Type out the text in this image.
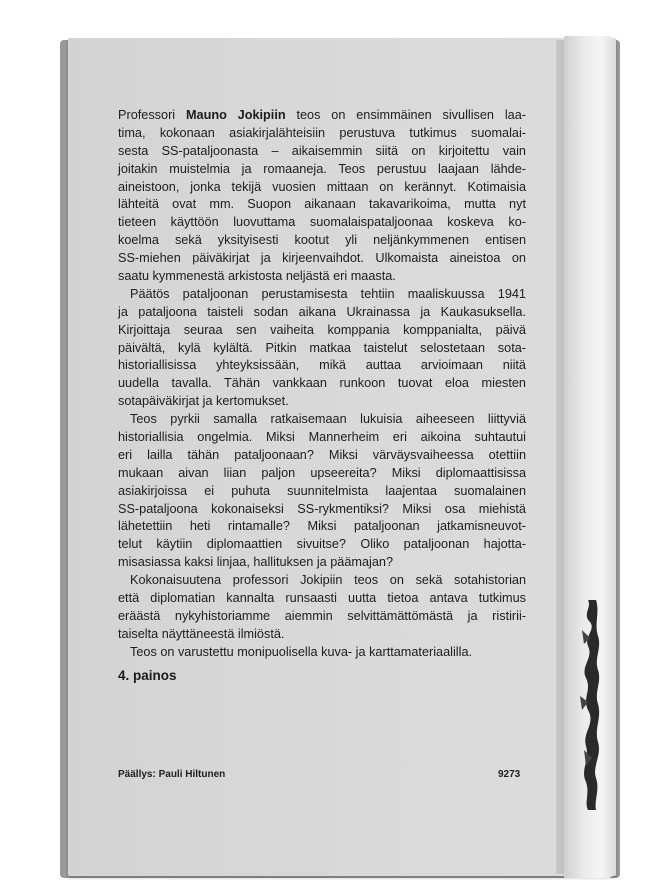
Professori Mauno Jokipiin teos on ensimmäinen sivullisen laa-
tima, kokonaan asiakirjalähteisiin perustuva tutkimus suomalai-
sesta SS-pataljoonasta – aikaisemmin siitä on kirjoitettu vain
joitakin muistelmia ja romaaneja. Teos perustuu laajaan lähde-
aineistoon, jonka tekijä vuosien mittaan on kerännyt. Kotimaisia
lähteitä ovat mm. Suopon aikanaan takavarikoima, mutta nyt
tieteen käyttöön luovuttama suomalaispataljoonaa koskeva ko-
koelma sekä yksityisesti kootut yli neljänkymmenen entisen
SS-miehen päiväkirjat ja kirjeenvaihdot. Ulkomaista aineistoa on
saatu kymmenestä arkistosta neljästä eri maasta.
Päätös pataljoonan perustamisesta tehtiin maaliskuussa 1941
ja pataljoona taisteli sodan aikana Ukrainassa ja Kaukasuksella.
Kirjoittaja seuraa sen vaiheita komppania komppanialta, päivä
päivältä, kylä kylältä. Pitkin matkaa taistelut selostetaan sota-
historiallisissa yhteyksissään, mikä auttaa arvioimaan niitä
uudella tavalla. Tähän vankkaan runkoon tuovat eloa miesten
sotapäiväkirjat ja kertomukset.
Teos pyrkii samalla ratkaisemaan lukuisia aiheeseen liittyviä
historiallisia ongelmia. Miksi Mannerheim eri aikoina suhtautui
eri lailla tähän pataljoonaan? Miksi värväysvaiheessa otettiin
mukaan aivan liian paljon upseereita? Miksi diplomaattisissa
asiakirjoissa ei puhuta suunnitelmista laajentaa suomalainen
SS-pataljoona kokonaiseksi SS-rykmentiksi? Miksi osa miehistä
lähetettiin heti rintamalle? Miksi pataljoonan jatkamisneuvot-
telut käytiin diplomaattien sivuitse? Oliko pataljoonan hajotta-
misasiassa kaksi linjaa, hallituksen ja päämajan?
Kokonaisuutena professori Jokipiin teos on sekä sotahistorian
että diplomatian kannalta runsaasti uutta tietoa antava tutkimus
eräästä nykyhistoriamme aiemmin selvittämättömästä ja ristirii-
taiselta näyttäneestä ilmiöstä.
Teos on varustettu monipuolisella kuva- ja karttamateriaalilla.
4. painos
Päällys: Pauli Hiltunen	9273
